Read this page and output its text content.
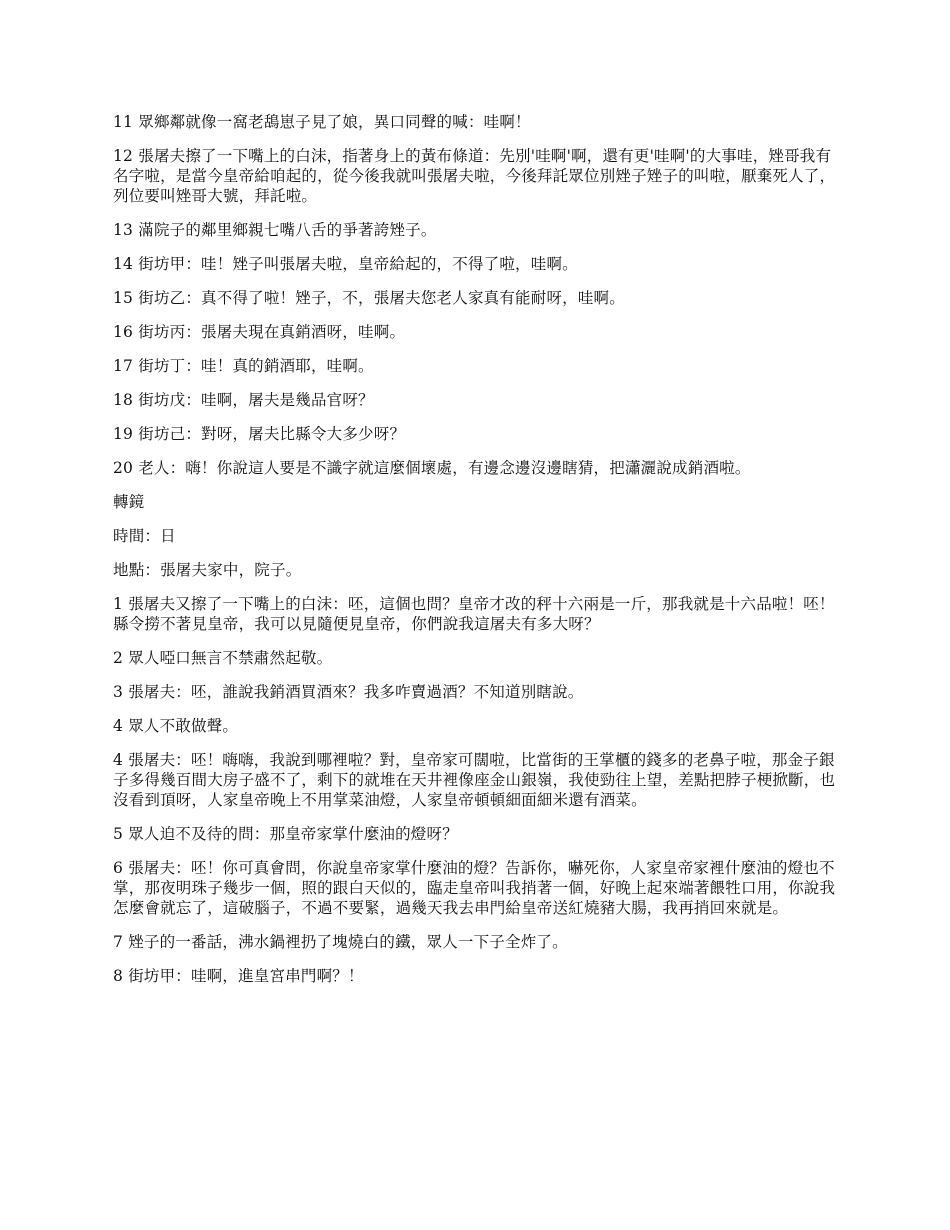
11 眾鄉鄰就像一窩老鴰崽子見了娘，異口同聲的喊：哇啊！

12 張屠夫擦了一下嘴上的白沫，指著身上的黃布條道：先別'哇啊'啊，還有更'哇啊'的大事哇，矬哥我有名字啦，是當今皇帝給咱起的，從今後我就叫張屠夫啦，今後拜託眾位別矬子矬子的叫啦，厭棄死人了，列位要叫矬哥大號，拜託啦。

13 滿院子的鄰里鄉親七嘴八舌的爭著誇矬子。

14 街坊甲：哇！矬子叫張屠夫啦，皇帝給起的，不得了啦，哇啊。

15 街坊乙：真不得了啦！矬子，不，張屠夫您老人家真有能耐呀，哇啊。

16 街坊丙：張屠夫現在真銷酒呀，哇啊。

17 街坊丁：哇！真的銷酒耶，哇啊。

18 街坊戊：哇啊，屠夫是幾品官呀？

19 街坊己：對呀，屠夫比縣令大多少呀？

20 老人：嗨！你說這人要是不識字就這麼個壞處，有邊念邊沒邊瞎猜，把瀟灑說成銷酒啦。

轉鏡

時間：日

地點：張屠夫家中，院子。

1 張屠夫又擦了一下嘴上的白沫：呸，這個也問？皇帝才改的秤十六兩是一斤，那我就是十六品啦！呸！縣令撈不著見皇帝，我可以見隨便見皇帝，你們說我這屠夫有多大呀？

2 眾人啞口無言不禁肅然起敬。

3 張屠夫：呸，誰說我銷酒買酒來？我多咋賣過酒？不知道別瞎說。

4 眾人不敢做聲。

4 張屠夫：呸！嗨嗨，我說到哪裡啦？對，皇帝家可闊啦，比當街的王掌櫃的錢多的老鼻子啦，那金子銀子多得幾百間大房子盛不了，剩下的就堆在天井裡像座金山銀嶺，我使勁往上望，差點把脖子梗掀斷，也沒看到頂呀，人家皇帝晚上不用掌菜油燈，人家皇帝頓頓細面細米還有酒菜。

5 眾人迫不及待的問：那皇帝家掌什麼油的燈呀？

6 張屠夫：呸！你可真會問，你說皇帝家掌什麼油的燈？告訴你，嚇死你，人家皇帝家裡什麼油的燈也不掌，那夜明珠子幾步一個，照的跟白天似的，臨走皇帝叫我捎著一個，好晚上起來端著餵牲口用，你說我怎麼會就忘了，這破腦子，不過不要緊，過幾天我去串門給皇帝送紅燒豬大腸，我再捎回來就是。

7 矬子的一番話，沸水鍋裡扔了塊燒白的鐵，眾人一下子全炸了。

8 街坊甲：哇啊，進皇宮串門啊？！
